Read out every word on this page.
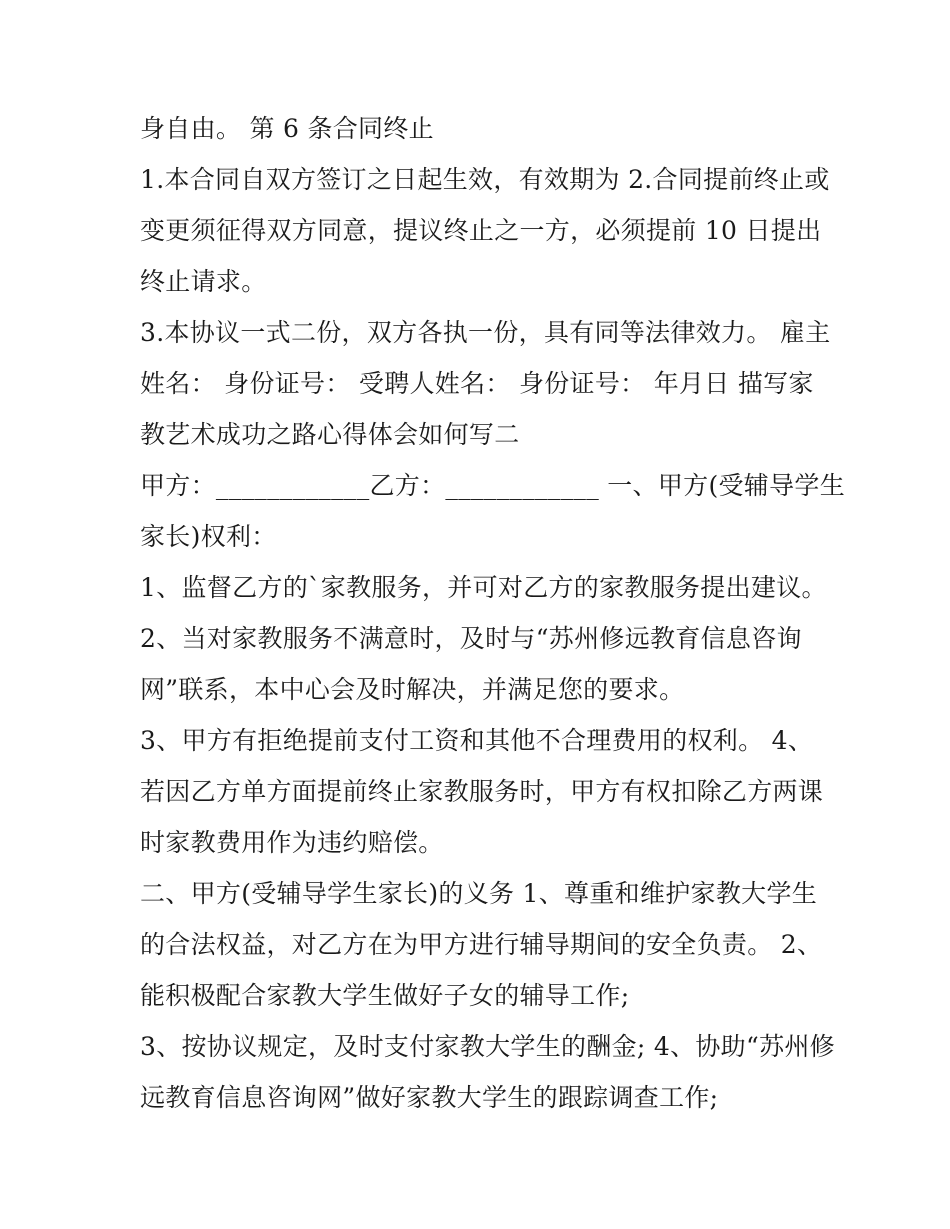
身自由。 第 6 条合同终止
1.本合同自双方签订之日起生效，有效期为 2.合同提前终止或
变更须征得双方同意，提议终止之一方，必须提前 10 日提出
终止请求。
3.本协议一式二份，双方各执一份，具有同等法律效力。 雇主
姓名： 身份证号： 受聘人姓名： 身份证号： 年月日 描写家
教艺术成功之路心得体会如何写二
甲方：____________乙方：____________ 一、甲方(受辅导学生
家长)权利：
1、监督乙方的`家教服务，并可对乙方的家教服务提出建议。
2、当对家教服务不满意时，及时与“苏州修远教育信息咨询
网”联系，本中心会及时解决，并满足您的要求。
3、甲方有拒绝提前支付工资和其他不合理费用的权利。 4、
若因乙方单方面提前终止家教服务时，甲方有权扣除乙方两课
时家教费用作为违约赔偿。
二、甲方(受辅导学生家长)的义务 1、尊重和维护家教大学生
的合法权益，对乙方在为甲方进行辅导期间的安全负责。 2、
能积极配合家教大学生做好子女的辅导工作;
3、按协议规定，及时支付家教大学生的酬金; 4、协助“苏州修
远教育信息咨询网”做好家教大学生的跟踪调查工作;
